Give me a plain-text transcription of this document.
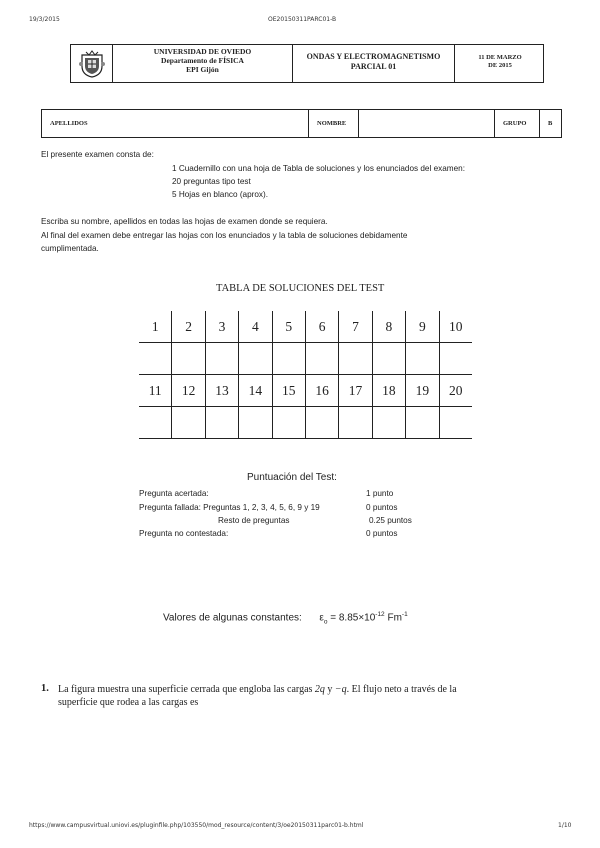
19/3/2015	OE20150311PARC01-B
UNIVERSIDAD DE OVIEDO
Departamento de FÍSICA
EPI Gijón
ONDAS Y ELECTROMAGNETISMO
PARCIAL 01
11 DE MARZO
DE 2015
APELLIDOS	NOMBRE	GRUPO	B
El presente examen consta de:
1 Cuadernillo con una hoja de Tabla de soluciones y los enunciados del examen:
20 preguntas tipo test
5 Hojas en blanco (aprox).
Escriba su nombre, apellidos en todas las hojas de examen donde se requiera.
Al final del examen debe entregar las hojas con los enunciados y la tabla de soluciones debidamente
cumplimentada.
TABLA DE SOLUCIONES DEL TEST
1	2	3	4	5	6	7	8	9	10

11	12	13	14	15	16	17	18	19	20

Puntuación del Test:
Pregunta acertada:	1 punto
Pregunta fallada: Preguntas 1, 2, 3, 4, 5, 6, 9 y 19	0 puntos
Resto de preguntas	0.25 puntos
Pregunta no contestada:	0 puntos
Valores de algunas constantes: $\varepsilon_o = 8.85\times 10^{-12}$ $Fm^{-1}$
1. La figura muestra una superficie cerrada que engloba las cargas 2q y −q. El flujo neto a través de la
superficie que rodea a las cargas es
https://www.campusvirtual.uniovi.es/pluginfile.php/103550/mod_resource/content/3/oe20150311parc01-b.html	1/10
